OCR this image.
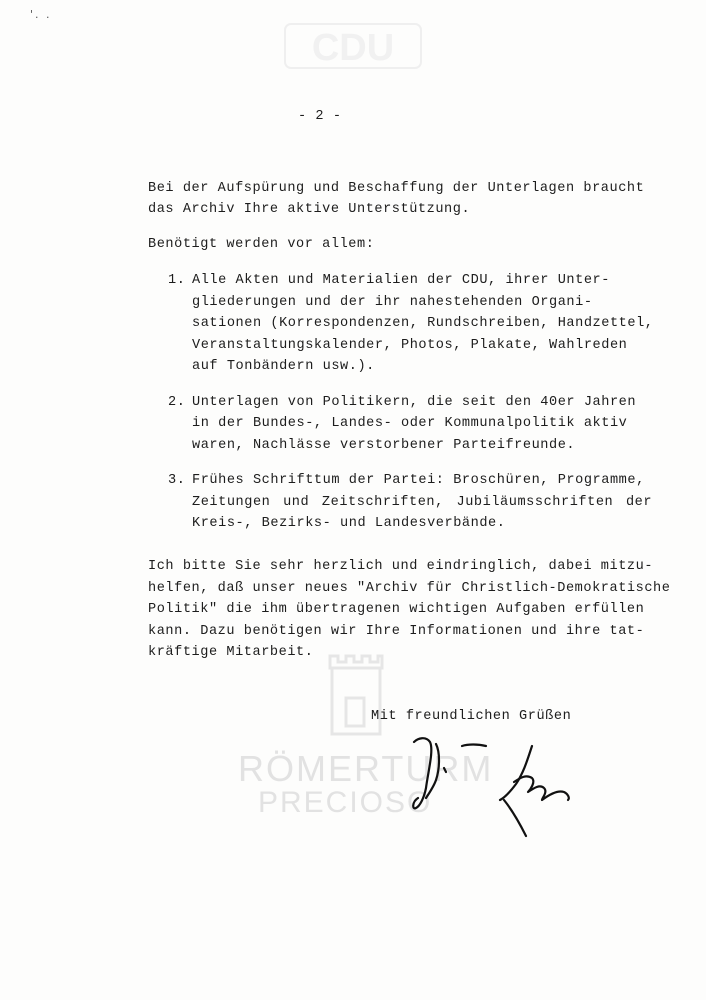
'. .
CDU
RÖMERTURM
PRECIOSO
- 2 -
Bei der Aufspürung und Beschaffung der Unterlagen braucht
das Archiv Ihre aktive Unterstützung.
Benötigt werden vor allem:
1. Alle Akten und Materialien der CDU, ihrer Unter-
gliederungen und der ihr nahestehenden Organi-
sationen (Korrespondenzen, Rundschreiben, Handzettel,
Veranstaltungskalender, Photos, Plakate, Wahlreden
auf Tonbändern usw.).
2. Unterlagen von Politikern, die seit den 40er Jahren
in der Bundes-, Landes- oder Kommunalpolitik aktiv
waren, Nachlässe verstorbener Parteifreunde.
3. Frühes Schrifttum der Partei: Broschüren, Programme,
Zeitungen und Zeitschriften, Jubiläumsschriften der
Kreis-, Bezirks- und Landesverbände.
Ich bitte Sie sehr herzlich und eindringlich, dabei mitzu-
helfen, daß unser neues "Archiv für Christlich-Demokratische
Politik" die ihm übertragenen wichtigen Aufgaben erfüllen
kann. Dazu benötigen wir Ihre Informationen und ihre tat-
kräftige Mitarbeit.
Mit freundlichen Grüßen
